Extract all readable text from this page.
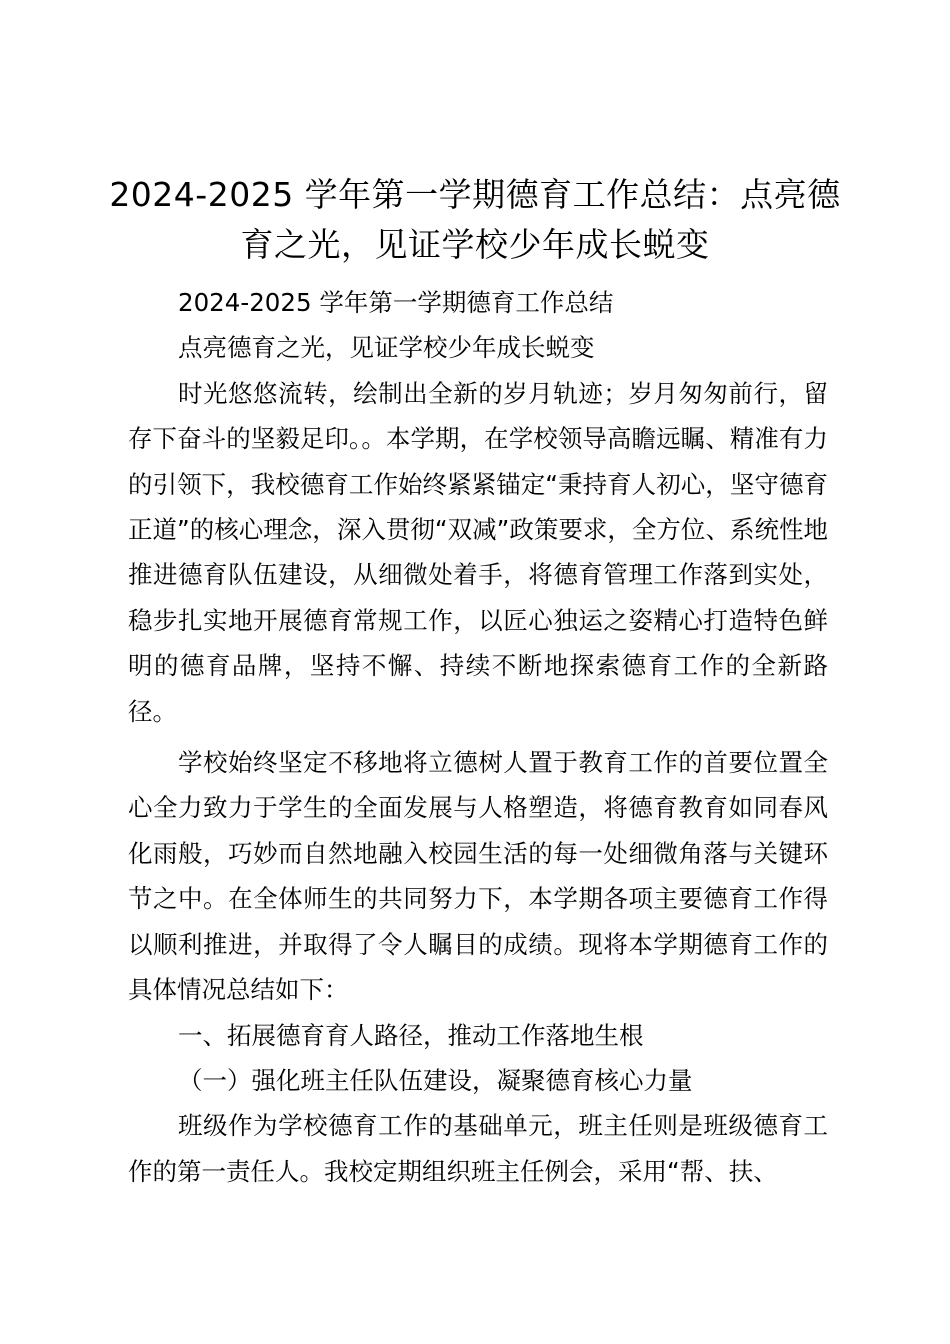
2024-2025 学年第一学期德育工作总结：点亮德育之光，见证学校少年成长蜕变

2024-2025 学年第一学期德育工作总结

点亮德育之光，见证学校少年成长蜕变

时光悠悠流转，绘制出全新的岁月轨迹；岁月匆匆前行，留存下奋斗的坚毅足印。。本学期，在学校领导高瞻远瞩、精准有力的引领下，我校德育工作始终紧紧锚定“秉持育人初心，坚守德育正道”的核心理念，深入贯彻“双减”政策要求，全方位、系统性地推进德育队伍建设，从细微处着手，将德育管理工作落到实处，稳步扎实地开展德育常规工作，以匠心独运之姿精心打造特色鲜明的德育品牌，坚持不懈、持续不断地探索德育工作的全新路径。

学校始终坚定不移地将立德树人置于教育工作的首要位置全心全力致力于学生的全面发展与人格塑造，将德育教育如同春风化雨般，巧妙而自然地融入校园生活的每一处细微角落与关键环节之中。在全体师生的共同努力下，本学期各项主要德育工作得以顺利推进，并取得了令人瞩目的成绩。现将本学期德育工作的具体情况总结如下：

一、拓展德育育人路径，推动工作落地生根

（一）强化班主任队伍建设，凝聚德育核心力量

班级作为学校德育工作的基础单元，班主任则是班级德育工作的第一责任人。我校定期组织班主任例会，采用“帮、扶、
